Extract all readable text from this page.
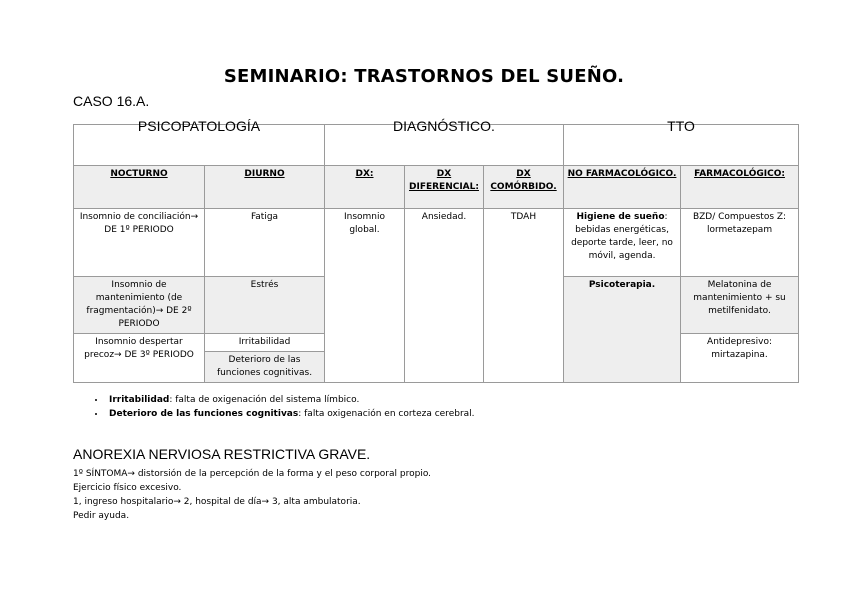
SEMINARIO: TRASTORNOS DEL SUEÑO.
CASO 16.A.
PSICOPATOLOGÍA		DIAGNÓSTICO.			TTO	
NOCTURNO	DIURNO	DX:	DX DIFERENCIAL:	DX COMÓRBIDO.	NO FARMACOLÓGICO.	FARMACOLÓGICO:
Insomnio de conciliación→ DE 1º PERIODO	Fatiga	Insomnio global.	Ansiedad.	TDAH	Higiene de sueño: bebidas energéticas, deporte tarde, leer, no móvil, agenda.	BZD/ Compuestos Z: lormetazepam
Insomnio de mantenimiento (de fragmentación)→ DE 2º PERIODO	Estrés				Psicoterapia.	Melatonina de mantenimiento + su metilfenidato.
Insomnio despertar precoz→ DE 3º PERIODO	Irritabilidad					Antidepresivo: mirtazapina.
	Deterioro de las funciones cognitivas.					
• Irritabilidad: falta de oxigenación del sistema límbico.
• Deterioro de las funciones cognitivas: falta oxigenación en corteza cerebral.
ANOREXIA NERVIOSA RESTRICTIVA GRAVE.
1º SÍNTOMA→ distorsión de la percepción de la forma y el peso corporal propio.
Ejercicio físico excesivo.
1, ingreso hospitalario→ 2, hospital de día→ 3, alta ambulatoria.
Pedir ayuda.
